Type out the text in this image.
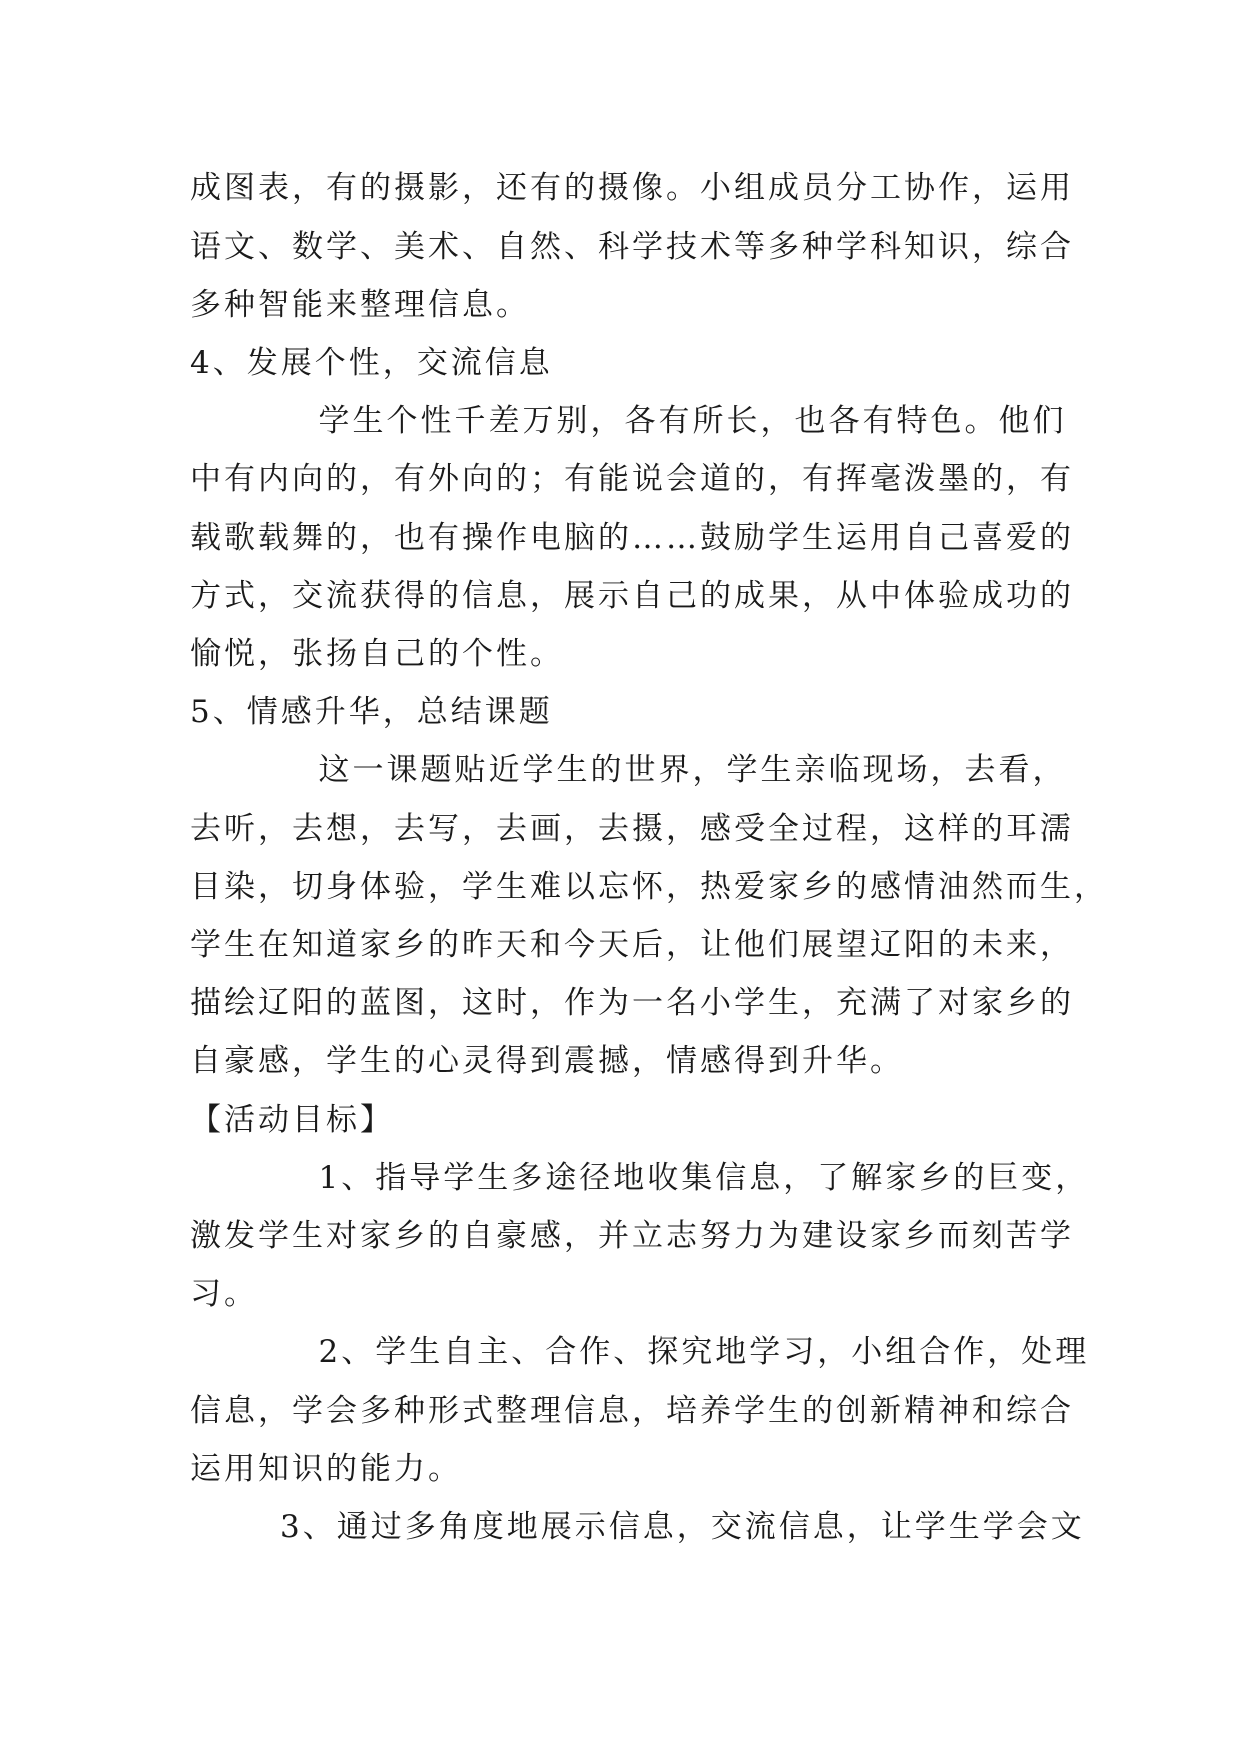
成图表，有的摄影，还有的摄像。小组成员分工协作，运用
语文、数学、美术、自然、科学技术等多种学科知识，综合
多种智能来整理信息。
4、发展个性，交流信息
学生个性千差万别，各有所长，也各有特色。他们
中有内向的，有外向的；有能说会道的，有挥毫泼墨的，有
载歌载舞的，也有操作电脑的……鼓励学生运用自己喜爱的
方式，交流获得的信息，展示自己的成果，从中体验成功的
愉悦，张扬自己的个性。
5、情感升华，总结课题
这一课题贴近学生的世界，学生亲临现场，去看，
去听，去想，去写，去画，去摄，感受全过程，这样的耳濡
目染，切身体验，学生难以忘怀，热爱家乡的感情油然而生，
学生在知道家乡的昨天和今天后，让他们展望辽阳的未来，
描绘辽阳的蓝图，这时，作为一名小学生，充满了对家乡的
自豪感，学生的心灵得到震撼，情感得到升华。
【活动目标】
1、指导学生多途径地收集信息，了解家乡的巨变，
激发学生对家乡的自豪感，并立志努力为建设家乡而刻苦学
习。
2、学生自主、合作、探究地学习，小组合作，处理
信息，学会多种形式整理信息，培养学生的创新精神和综合
运用知识的能力。
3、通过多角度地展示信息，交流信息，让学生学会文
